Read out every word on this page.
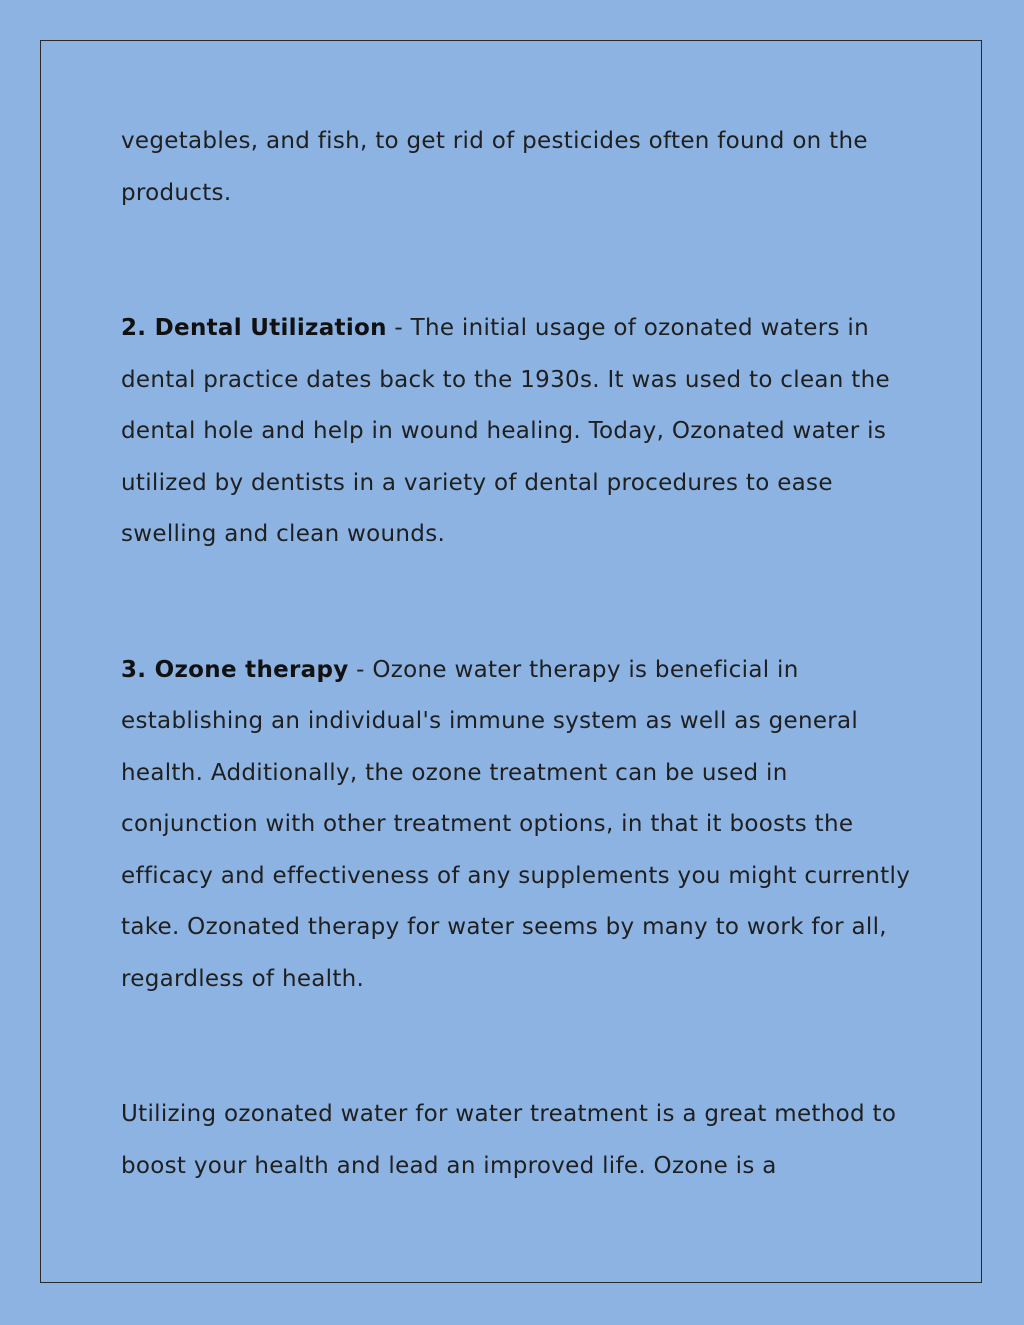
vegetables, and fish, to get rid of pesticides often found on the products.

2. Dental Utilization - The initial usage of ozonated waters in dental practice dates back to the 1930s. It was used to clean the dental hole and help in wound healing. Today, Ozonated water is utilized by dentists in a variety of dental procedures to ease swelling and clean wounds.

3. Ozone therapy - Ozone water therapy is beneficial in establishing an individual's immune system as well as general health. Additionally, the ozone treatment can be used in conjunction with other treatment options, in that it boosts the efficacy and effectiveness of any supplements you might currently take. Ozonated therapy for water seems by many to work for all, regardless of health.

Utilizing ozonated water for water treatment is a great method to boost your health and lead an improved life. Ozone is a
